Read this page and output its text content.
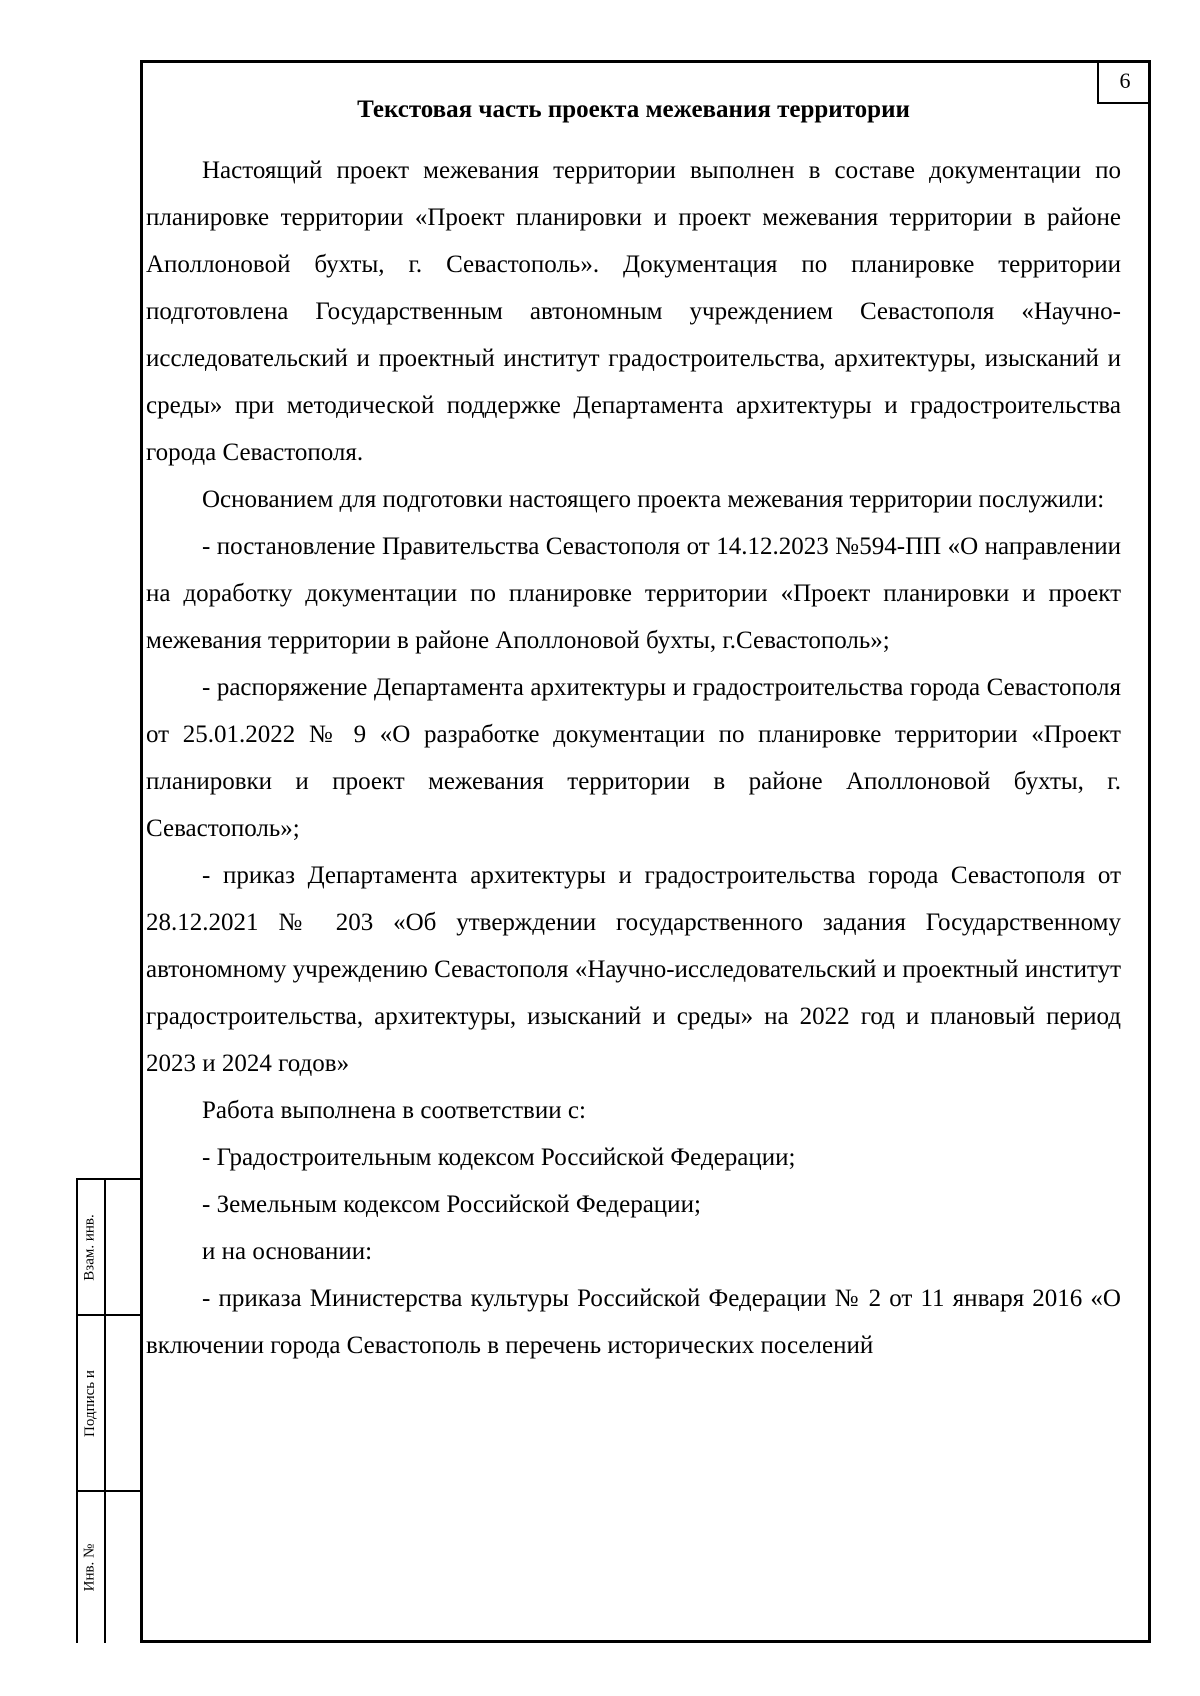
6
Взам. инв.
Подпись и
Инв. №
Текстовая часть проекта межевания территории

Настоящий проект межевания территории выполнен в составе документации по планировке территории «Проект планировки и проект межевания территории в районе Аполлоновой бухты, г. Севастополь». Документация по планировке территории подготовлена Государственным автономным учреждением Севастополя «Научно-исследовательский и проектный институт градостроительства, архитектуры, изысканий и среды» при методической поддержке Департамента архитектуры и градостроительства города Севастополя.

Основанием для подготовки настоящего проекта межевания территории послужили:

- постановление Правительства Севастополя от 14.12.2023 №594-ПП «О направлении на доработку документации по планировке территории «Проект планировки и проект межевания территории в районе Аполлоновой бухты, г.Севастополь»;

- распоряжение Департамента архитектуры и градостроительства города Севастополя от 25.01.2022 № 9 «О разработке документации по планировке территории «Проект планировки и проект межевания территории в районе Аполлоновой бухты, г. Севастополь»;

- приказ Департамента архитектуры и градостроительства города Севастополя от 28.12.2021 № 203 «Об утверждении государственного задания Государственному автономному учреждению Севастополя «Научно-исследовательский и проектный институт градостроительства, архитектуры, изысканий и среды» на 2022 год и плановый период 2023 и 2024 годов»

Работа выполнена в соответствии с:

- Градостроительным кодексом Российской Федерации;

- Земельным кодексом Российской Федерации;

и на основании:

- приказа Министерства культуры Российской Федерации № 2 от 11 января 2016 «О включении города Севастополь в перечень исторических поселений
